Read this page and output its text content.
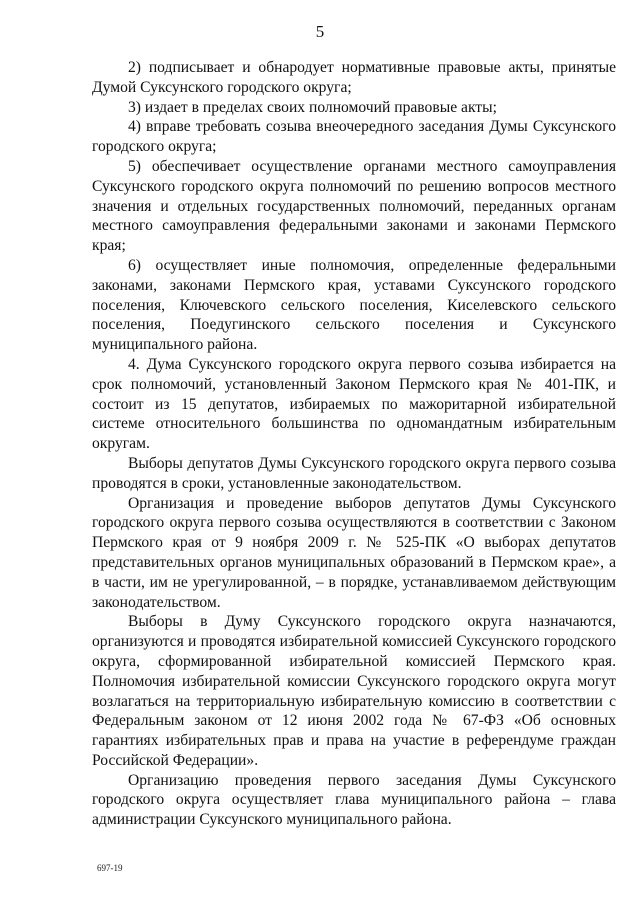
5

2) подписывает и обнародует нормативные правовые акты, принятые Думой Суксунского городского округа;

3) издает в пределах своих полномочий правовые акты;

4) вправе требовать созыва внеочередного заседания Думы Суксунского городского округа;

5) обеспечивает осуществление органами местного самоуправления Суксунского городского округа полномочий по решению вопросов местного значения и отдельных государственных полномочий, переданных органам местного самоуправления федеральными законами и законами Пермского края;

6) осуществляет иные полномочия, определенные федеральными законами, законами Пермского края, уставами Суксунского городского поселения, Ключевского сельского поселения, Киселевского сельского поселения, Поедугинского сельского поселения и Суксунского муниципального района.

4. Дума Суксунского городского округа первого созыва избирается на срок полномочий, установленный Законом Пермского края № 401-ПК, и состоит из 15 депутатов, избираемых по мажоритарной избирательной системе относительного большинства по одномандатным избирательным округам.

Выборы депутатов Думы Суксунского городского округа первого созыва проводятся в сроки, установленные законодательством.

Организация и проведение выборов депутатов Думы Суксунского городского округа первого созыва осуществляются в соответствии с Законом Пермского края от 9 ноября 2009 г. № 525-ПК «О выборах депутатов представительных органов муниципальных образований в Пермском крае», а в части, им не урегулированной, – в порядке, устанавливаемом действующим законодательством.

Выборы в Думу Суксунского городского округа назначаются, организуются и проводятся избирательной комиссией Суксунского городского округа, сформированной избирательной комиссией Пермского края. Полномочия избирательной комиссии Суксунского городского округа могут возлагаться на территориальную избирательную комиссию в соответствии с Федеральным законом от 12 июня 2002 года № 67-ФЗ «Об основных гарантиях избирательных прав и права на участие в референдуме граждан Российской Федерации».

Организацию проведения первого заседания Думы Суксунского городского округа осуществляет глава муниципального района – глава администрации Суксунского муниципального района.

697-19
